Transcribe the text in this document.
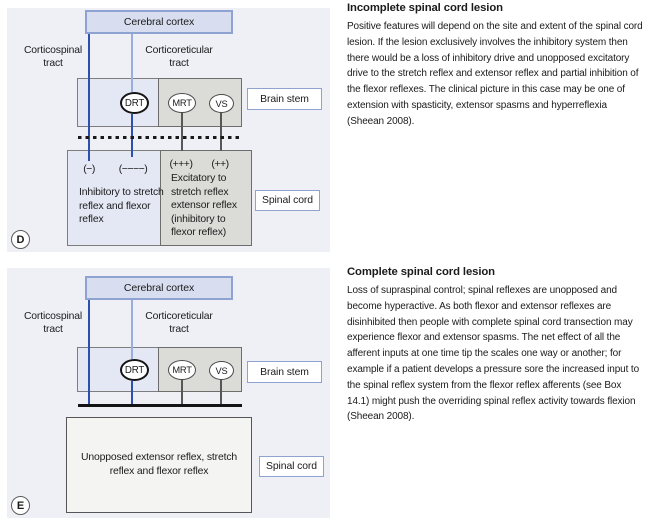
Cerebral cortex
Corticospinal tract
Corticoreticular tract
DRT	MRT	VS	Brain stem
(−)	(−−−−)	(+++)	(++)
Inhibitory to stretch reflex and flexor reflex
Excitatory to stretch reflex extensor reflex (inhibitory to flexor reflex)
Spinal cord
D

Incomplete spinal cord lesion

Positive features will depend on the site and extent of the spinal cord lesion. If the lesion exclusively involves the inhibitory system then there would be a loss of inhibitory drive and unopposed excitatory drive to the stretch reflex and extensor reflex and partial inhibition of the flexor reflexes. The clinical picture in this case may be one of extension with spasticity, extensor spasms and hyperreflexia (Sheean 2008).

Cerebral cortex
Corticospinal tract
Corticoreticular tract
DRT	MRT	VS	Brain stem
Unopposed extensor reflex, stretch reflex and flexor reflex	Spinal cord
E

Complete spinal cord lesion

Loss of supraspinal control; spinal reflexes are unopposed and become hyperactive. As both flexor and extensor reflexes are disinhibited then people with complete spinal cord transection may experience flexor and extensor spasms. The net effect of all the afferent inputs at one time tip the scales one way or another; for example if a patient develops a pressure sore the increased input to the spinal reflex system from the flexor reflex afferents (see Box 14.1) might push the overriding spinal reflex activity towards flexion (Sheean 2008).
